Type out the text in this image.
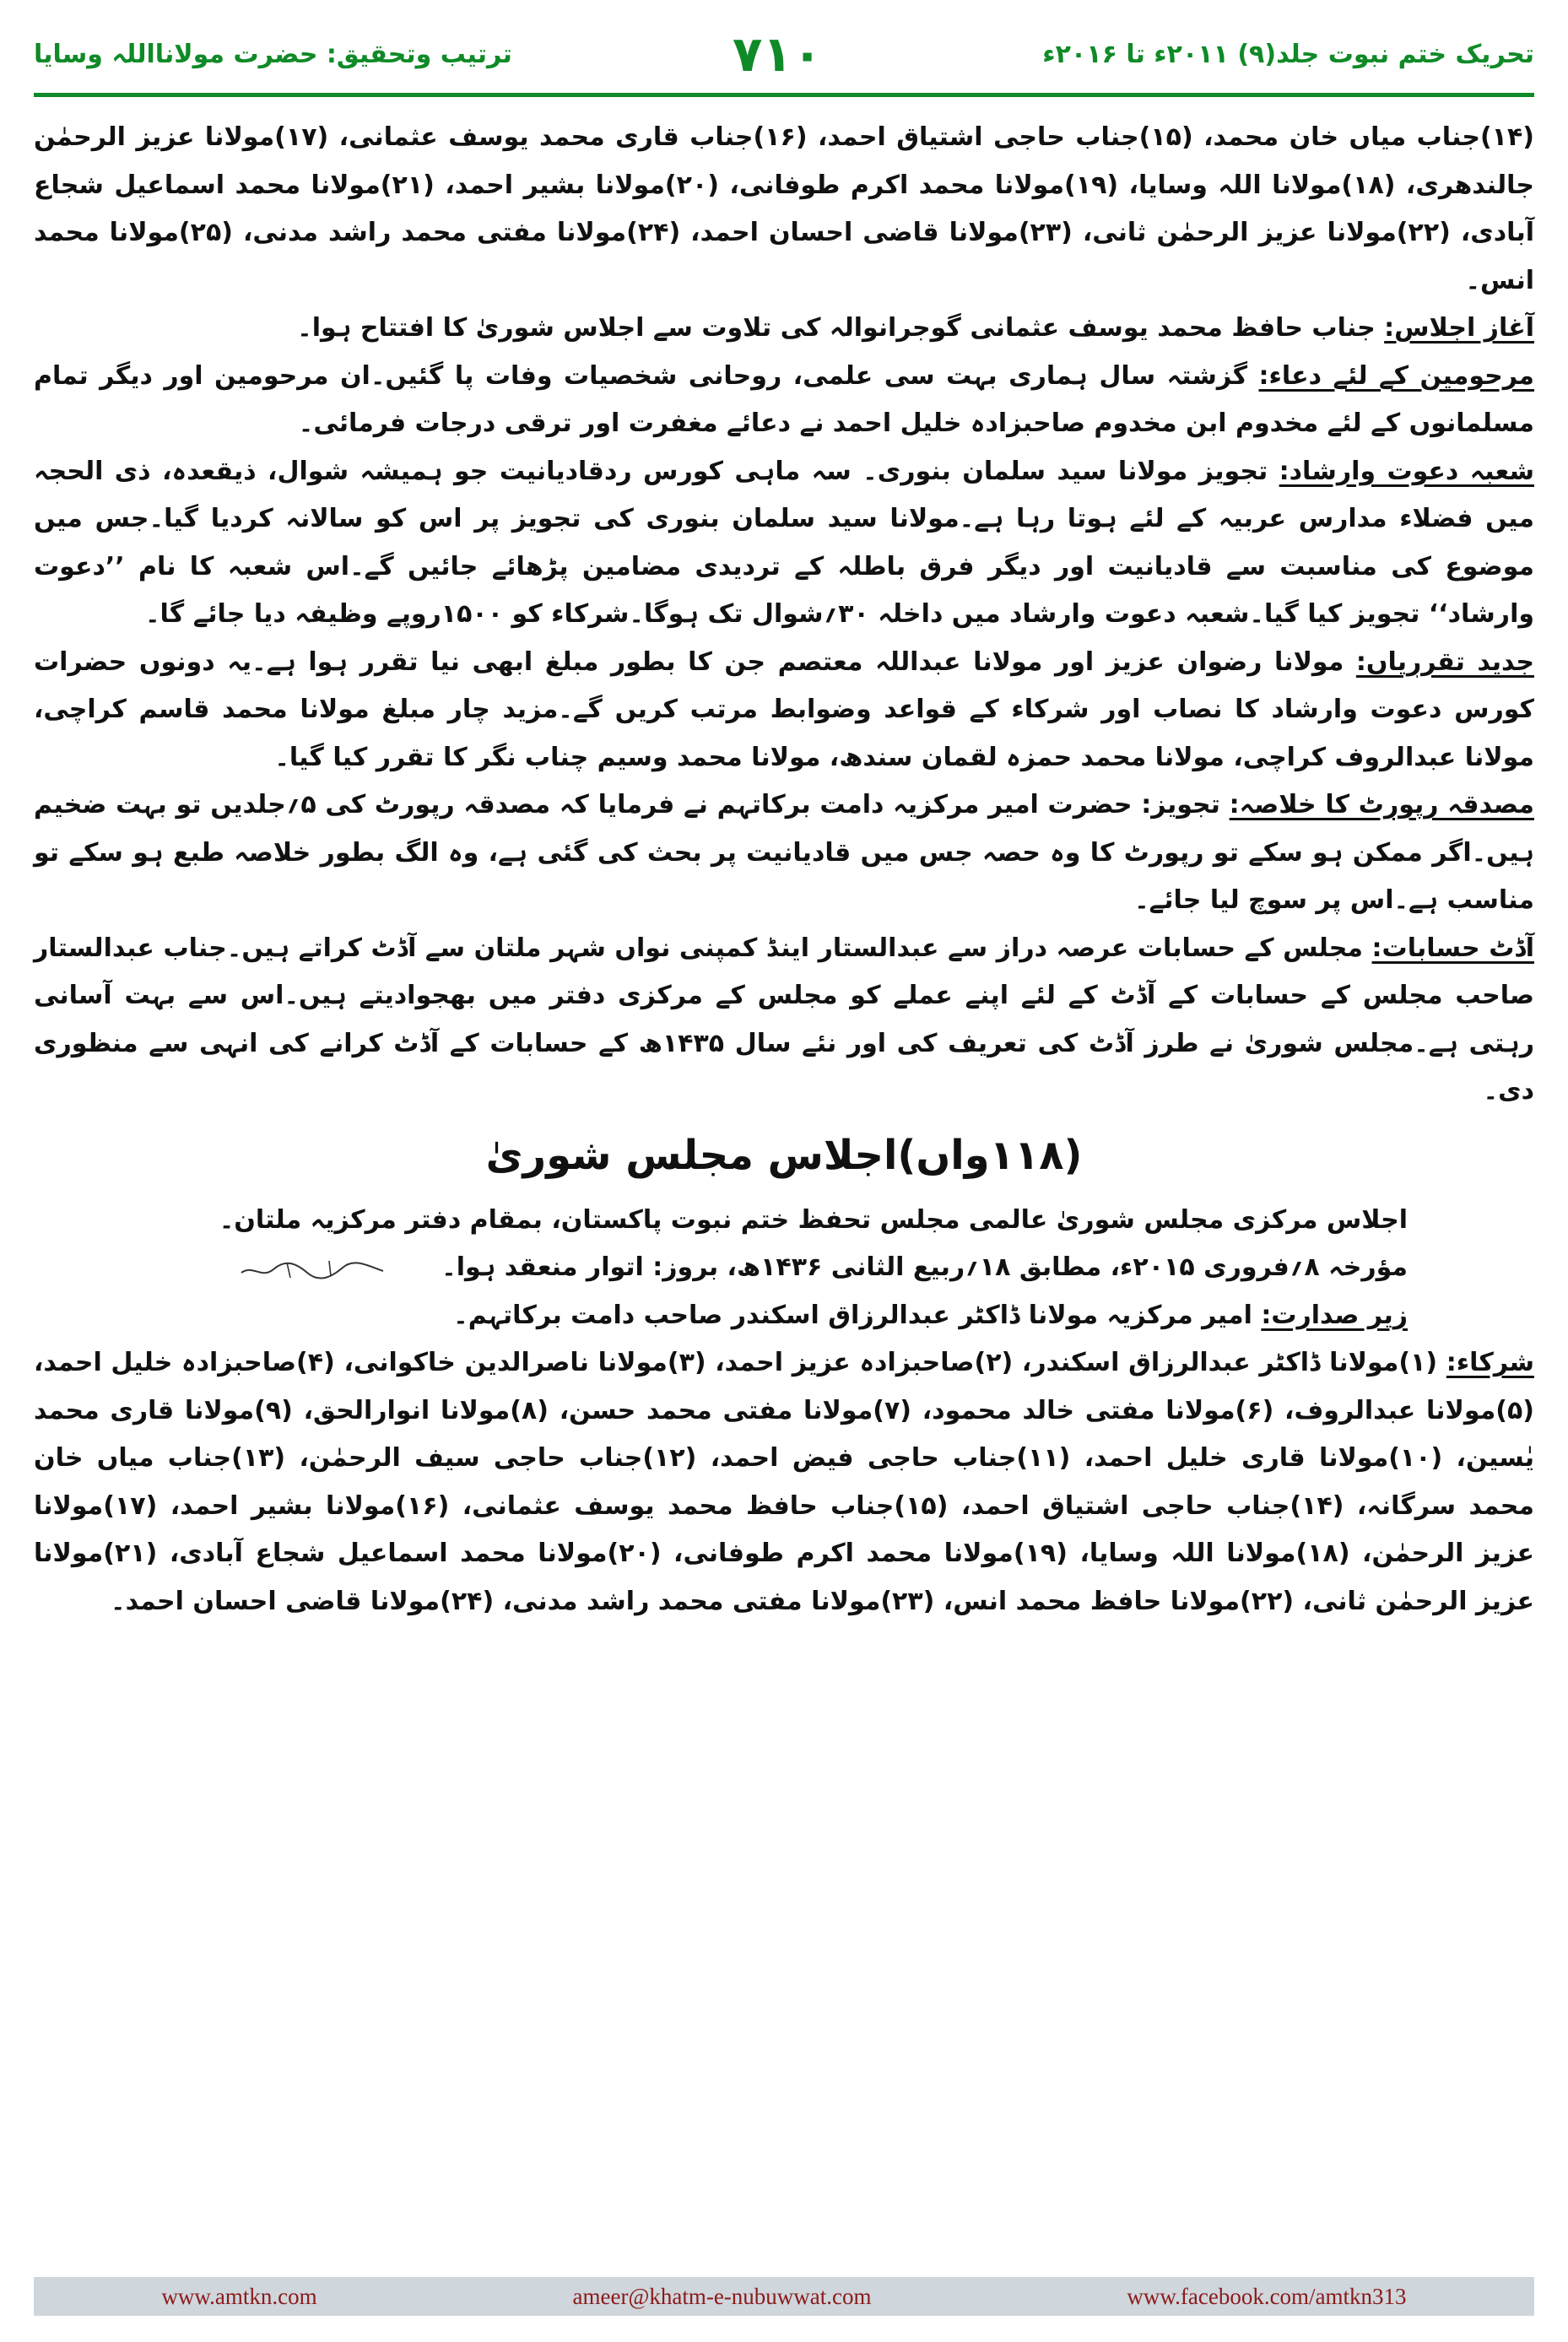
تحریک ختم نبوت جلد(۹) ۲۰۱۱ء تا ۲۰۱۶ء
۷۱۰
ترتیب وتحقیق: حضرت مولانااللہ وسایا

(۱۴)جناب میاں خان محمد، (۱۵)جناب حاجی اشتیاق احمد، (۱۶)جناب قاری محمد یوسف عثمانی، (۱۷)مولانا عزیز الرحمٰن جالندھری، (۱۸)مولانا اللہ وسایا، (۱۹)مولانا محمد اکرم طوفانی، (۲۰)مولانا بشیر احمد، (۲۱)مولانا محمد اسماعیل شجاع آبادی، (۲۲)مولانا عزیز الرحمٰن ثانی، (۲۳)مولانا قاضی احسان احمد، (۲۴)مولانا مفتی محمد راشد مدنی، (۲۵)مولانا محمد انس۔

آغاز اجلاس: جناب حافظ محمد یوسف عثمانی گوجرانوالہ کی تلاوت سے اجلاس شوریٰ کا افتتاح ہوا۔

مرحومین کے لئے دعاء: گزشتہ سال ہماری بہت سی علمی، روحانی شخصیات وفات پا گئیں۔ان مرحومین اور دیگر تمام مسلمانوں کے لئے مخدوم ابن مخدوم صاحبزادہ خلیل احمد نے دعائے مغفرت اور ترقی درجات فرمائی۔

شعبہ دعوت وارشاد: تجویز مولانا سید سلمان بنوری۔ سہ ماہی کورس ردقادیانیت جو ہمیشہ شوال، ذیقعدہ، ذی الحجہ میں فضلاء مدارس عربیہ کے لئے ہوتا رہا ہے۔مولانا سید سلمان بنوری کی تجویز پر اس کو سالانہ کردیا گیا۔جس میں موضوع کی مناسبت سے قادیانیت اور دیگر فرق باطلہ کے تردیدی مضامین پڑھائے جائیں گے۔اس شعبہ کا نام ’’دعوت وارشاد‘‘ تجویز کیا گیا۔شعبہ دعوت وارشاد میں داخلہ ۳۰؍شوال تک ہوگا۔شرکاء کو ۱۵۰۰روپے وظیفہ دیا جائے گا۔

جدید تقرریاں: مولانا رضوان عزیز اور مولانا عبداللہ معتصم جن کا بطور مبلغ ابھی نیا تقرر ہوا ہے۔یہ دونوں حضرات کورس دعوت وارشاد کا نصاب اور شرکاء کے قواعد وضوابط مرتب کریں گے۔مزید چار مبلغ مولانا محمد قاسم کراچی، مولانا عبدالروف کراچی، مولانا محمد حمزہ لقمان سندھ، مولانا محمد وسیم چناب نگر کا تقرر کیا گیا۔

مصدقہ رپورٹ کا خلاصہ: تجویز: حضرت امیر مرکزیہ دامت برکاتہم نے فرمایا کہ مصدقہ رپورٹ کی ۵؍جلدیں تو بہت ضخیم ہیں۔اگر ممکن ہو سکے تو رپورٹ کا وہ حصہ جس میں قادیانیت پر بحث کی گئی ہے، وہ الگ بطور خلاصہ طبع ہو سکے تو مناسب ہے۔اس پر سوچ لیا جائے۔

آڈٹ حسابات: مجلس کے حسابات عرصہ دراز سے عبدالستار اینڈ کمپنی نواں شہر ملتان سے آڈٹ کراتے ہیں۔جناب عبدالستار صاحب مجلس کے حسابات کے آڈٹ کے لئے اپنے عملے کو مجلس کے مرکزی دفتر میں بھجوادیتے ہیں۔اس سے بہت آسانی رہتی ہے۔مجلس شوریٰ نے طرز آڈٹ کی تعریف کی اور نئے سال ۱۴۳۵ھ کے حسابات کے آڈٹ کرانے کی انہی سے منظوری دی۔

(۱۱۸واں)اجلاس مجلس شوریٰ

اجلاس مرکزی مجلس شوریٰ عالمی مجلس تحفظ ختم نبوت پاکستان، بمقام دفتر مرکزیہ ملتان۔

مؤرخہ ۸؍فروری ۲۰۱۵ء، مطابق ۱۸؍ربیع الثانی ۱۴۳۶ھ، بروز: اتوار منعقد ہوا۔

زیر صدارت: امیر مرکزیہ مولانا ڈاکٹر عبدالرزاق اسکندر صاحب دامت برکاتہم۔

شرکاء: (۱)مولانا ڈاکٹر عبدالرزاق اسکندر، (۲)صاحبزادہ عزیز احمد، (۳)مولانا ناصرالدین خاکوانی، (۴)صاحبزادہ خلیل احمد، (۵)مولانا عبدالروف، (۶)مولانا مفتی خالد محمود، (۷)مولانا مفتی محمد حسن، (۸)مولانا انوارالحق، (۹)مولانا قاری محمد یٰسین، (۱۰)مولانا قاری خلیل احمد، (۱۱)جناب حاجی فیض احمد، (۱۲)جناب حاجی سیف الرحمٰن، (۱۳)جناب میاں خان محمد سرگانہ، (۱۴)جناب حاجی اشتیاق احمد، (۱۵)جناب حافظ محمد یوسف عثمانی، (۱۶)مولانا بشیر احمد، (۱۷)مولانا عزیز الرحمٰن، (۱۸)مولانا اللہ وسایا، (۱۹)مولانا محمد اکرم طوفانی، (۲۰)مولانا محمد اسماعیل شجاع آبادی، (۲۱)مولانا عزیز الرحمٰن ثانی، (۲۲)مولانا حافظ محمد انس، (۲۳)مولانا مفتی محمد راشد مدنی، (۲۴)مولانا قاضی احسان احمد۔

www.amtkn.com	ameer@khatm-e-nubuwwat.com	www.facebook.com/amtkn313
